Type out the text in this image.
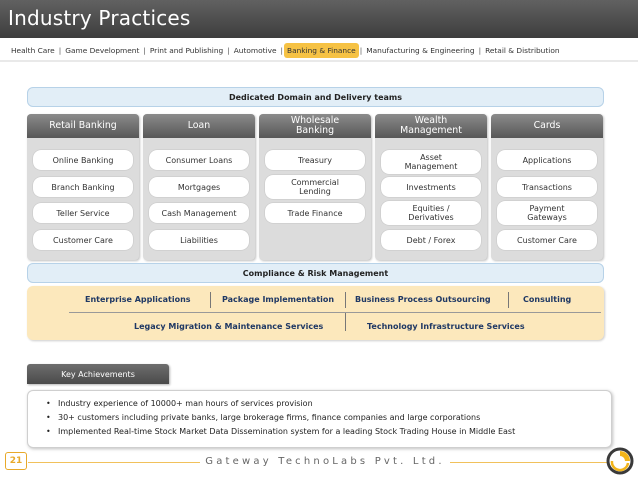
Industry Practices
Health Care | Game Development | Print and Publishing | Automotive | Banking & Finance | Manufacturing & Engineering | Retail & Distribution
Dedicated Domain and Delivery teams
Retail Banking
Online Banking
Branch Banking
Teller Service
Customer Care
Loan
Consumer Loans
Mortgages
Cash Management
Liabilities
Wholesale Banking
Treasury
Commercial Lending
Trade Finance
Wealth Management
Asset Management
Investments
Equities / Derivatives
Debt / Forex
Cards
Applications
Transactions
Payment Gateways
Customer Care
Compliance & Risk Management
Enterprise Applications	Package Implementation	Business Process Outsourcing	Consulting
Legacy Migration & Maintenance Services	Technology Infrastructure Services
Key Achievements
• Industry experience of 10000+ man hours of services provision
• 30+ customers including private banks, large brokerage firms, finance companies and large corporations
• Implemented Real-time Stock Market Data Dissemination system for a leading Stock Trading House in Middle East
21	Gateway TechnoLabs Pvt. Ltd.
